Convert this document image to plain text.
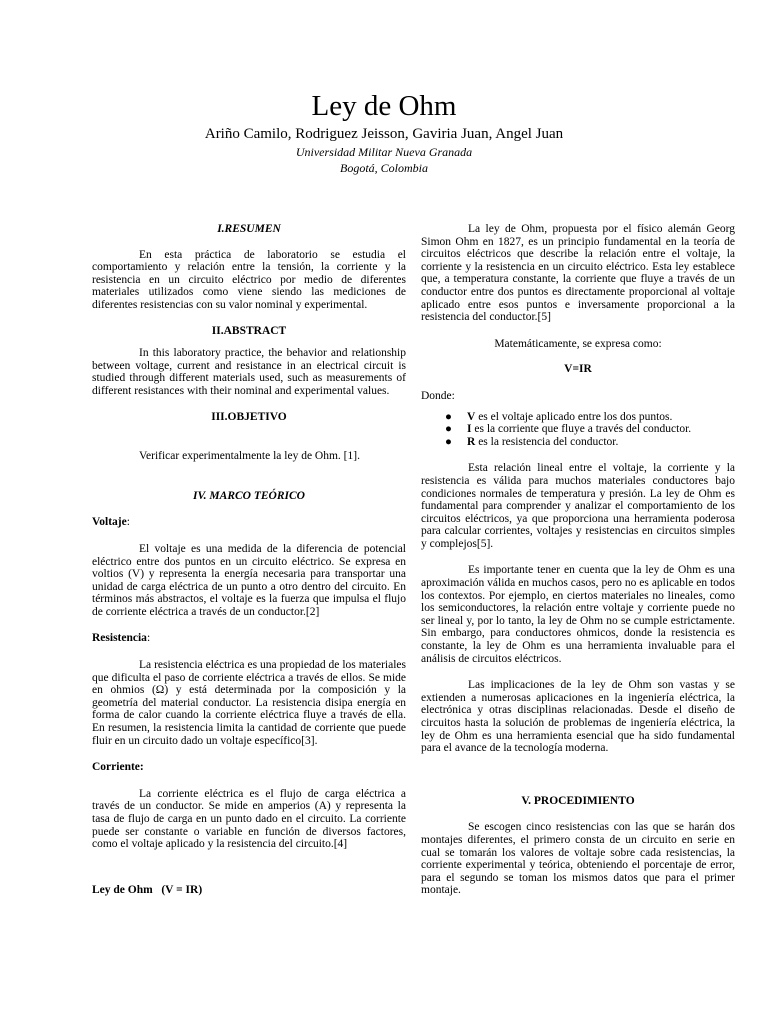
Ley de Ohm
Ariño Camilo, Rodriguez Jeisson, Gaviria Juan, Angel Juan
Universidad Militar Nueva Granada
Bogotá, Colombia

I.RESUMEN

En esta práctica de laboratorio se estudia el comportamiento y relación entre la tensión, la corriente y la resistencia en un circuito eléctrico por medio de diferentes materiales utilizados como viene siendo las mediciones de diferentes resistencias con su valor nominal y experimental.

II.ABSTRACT

In this laboratory practice, the behavior and relationship between voltage, current and resistance in an electrical circuit is studied through different materials used, such as measurements of different resistances with their nominal and experimental values.

III.OBJETIVO

Verificar experimentalmente la ley de Ohm. [1].

IV. MARCO TEÓRICO

Voltaje:

El voltaje es una medida de la diferencia de potencial eléctrico entre dos puntos en un circuito eléctrico. Se expresa en voltios (V) y representa la energía necesaria para transportar una unidad de carga eléctrica de un punto a otro dentro del circuito. En términos más abstractos, el voltaje es la fuerza que impulsa el flujo de corriente eléctrica a través de un conductor.[2]

Resistencia:

La resistencia eléctrica es una propiedad de los materiales que dificulta el paso de corriente eléctrica a través de ellos. Se mide en ohmios (Ω) y está determinada por la composición y la geometría del material conductor. La resistencia disipa energía en forma de calor cuando la corriente eléctrica fluye a través de ella. En resumen, la resistencia limita la cantidad de corriente que puede fluir en un circuito dado un voltaje específico[3].

Corriente:

La corriente eléctrica es el flujo de carga eléctrica a través de un conductor. Se mide en amperios (A) y representa la tasa de flujo de carga en un punto dado en el circuito. La corriente puede ser constante o variable en función de diversos factores, como el voltaje aplicado y la resistencia del circuito.[4]

Ley de Ohm (V = IR)

La ley de Ohm, propuesta por el físico alemán Georg Simon Ohm en 1827, es un principio fundamental en la teoría de circuitos eléctricos que describe la relación entre el voltaje, la corriente y la resistencia en un circuito eléctrico. Esta ley establece que, a temperatura constante, la corriente que fluye a través de un conductor entre dos puntos es directamente proporcional al voltaje aplicado entre esos puntos e inversamente proporcional a la resistencia del conductor.[5]

Matemáticamente, se expresa como:

V=IR

Donde:

● V es el voltaje aplicado entre los dos puntos.
● I es la corriente que fluye a través del conductor.
● R es la resistencia del conductor.

Esta relación lineal entre el voltaje, la corriente y la resistencia es válida para muchos materiales conductores bajo condiciones normales de temperatura y presión. La ley de Ohm es fundamental para comprender y analizar el comportamiento de los circuitos eléctricos, ya que proporciona una herramienta poderosa para calcular corrientes, voltajes y resistencias en circuitos simples y complejos[5].

Es importante tener en cuenta que la ley de Ohm es una aproximación válida en muchos casos, pero no es aplicable en todos los contextos. Por ejemplo, en ciertos materiales no lineales, como los semiconductores, la relación entre voltaje y corriente puede no ser lineal y, por lo tanto, la ley de Ohm no se cumple estrictamente. Sin embargo, para conductores ohmicos, donde la resistencia es constante, la ley de Ohm es una herramienta invaluable para el análisis de circuitos eléctricos.

Las implicaciones de la ley de Ohm son vastas y se extienden a numerosas aplicaciones en la ingeniería eléctrica, la electrónica y otras disciplinas relacionadas. Desde el diseño de circuitos hasta la solución de problemas de ingeniería eléctrica, la ley de Ohm es una herramienta esencial que ha sido fundamental para el avance de la tecnología moderna.

V. PROCEDIMIENTO

Se escogen cinco resistencias con las que se harán dos montajes diferentes, el primero consta de un circuito en serie en cual se tomarán los valores de voltaje sobre cada resistencias, la corriente experimental y teórica, obteniendo el porcentaje de error, para el segundo se toman los mismos datos que para el primer montaje.
